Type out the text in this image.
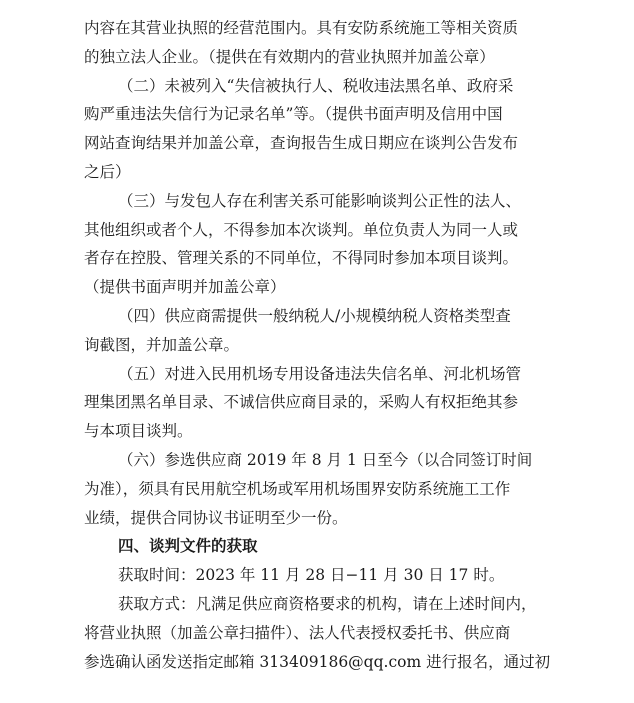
内容在其营业执照的经营范围内。具有安防系统施工等相关资质
的独立法人企业。（提供在有效期内的营业执照并加盖公章）

（二）未被列入“失信被执行人、税收违法黑名单、政府采
购严重违法失信行为记录名单”等。（提供书面声明及信用中国
网站查询结果并加盖公章，查询报告生成日期应在谈判公告发布
之后）

（三）与发包人存在利害关系可能影响谈判公正性的法人、
其他组织或者个人，不得参加本次谈判。单位负责人为同一人或
者存在控股、管理关系的不同单位，不得同时参加本项目谈判。
（提供书面声明并加盖公章）

（四）供应商需提供一般纳税人/小规模纳税人资格类型查
询截图，并加盖公章。

（五）对进入民用机场专用设备违法失信名单、河北机场管
理集团黑名单目录、不诚信供应商目录的，采购人有权拒绝其参
与本项目谈判。

（六）参选供应商 2019 年 8 月 1 日至今（以合同签订时间
为准），须具有民用航空机场或军用机场围界安防系统施工工作
业绩，提供合同协议书证明至少一份。

四、谈判文件的获取

获取时间：2023 年 11 月 28 日−11 月 30 日 17 时。

获取方式：凡满足供应商资格要求的机构，请在上述时间内，
将营业执照（加盖公章扫描件）、法人代表授权委托书、供应商
参选确认函发送指定邮箱 313409186@qq.com 进行报名，通过初
